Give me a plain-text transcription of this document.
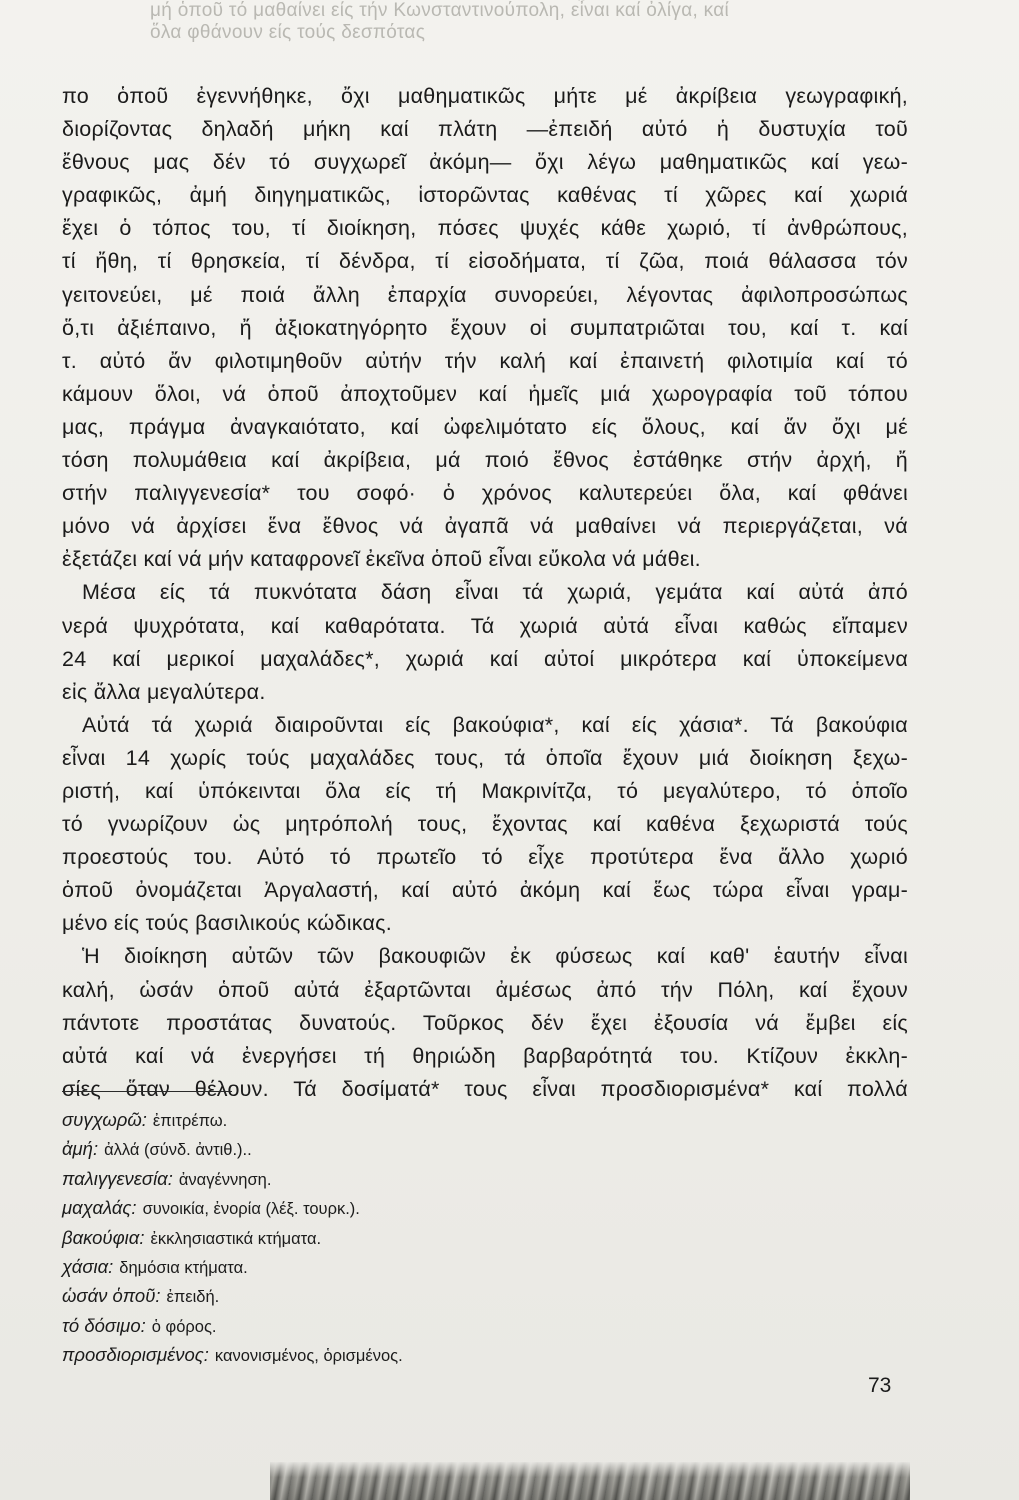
μή ὁποῦ τό μαθαίνει είς τήν Κωνσταντινούπολη, εἶναι καί ὀλίγα, καί
ὅλα φθάνουν είς τούς δεσπότας
πο ὁποῦ ἐγεννήθηκε, ὄχι μαθηματικῶς μήτε μέ ἀκρίβεια γεωγραφική,
διορίζοντας δηλαδή μήκη καί πλάτη —ἐπειδή αὐτό ἡ δυστυχία τοῦ
ἔθνους μας δέν τό συγχωρεῖ ἀκόμη— ὄχι λέγω μαθηματικῶς καί γεω-
γραφικῶς, ἀμή διηγηματικῶς, ἱστορῶντας καθένας τί χῶρες καί χωριά
ἔχει ὁ τόπος του, τί διοίκηση, πόσες ψυχές κάθε χωριό, τί ἀνθρώπους,
τί ἤθη, τί θρησκεία, τί δένδρα, τί εἰσοδήματα, τί ζῶα, ποιά θάλασσα τόν
γειτονεύει, μέ ποιά ἄλλη ἐπαρχία συνορεύει, λέγοντας ἀφιλοπροσώπως
ὅ,τι ἀξιέπαινο, ἤ ἀξιοκατηγόρητο ἔχουν οἱ συμπατριῶται του, καί τ. καί
τ. αὐτό ἄν φιλοτιμηθοῦν αὐτήν τήν καλή καί ἐπαινετή φιλοτιμία καί τό
κάμουν ὅλοι, νά ὁποῦ ἀποχτοῦμεν καί ἡμεῖς μιά χωρογραφία τοῦ τόπου
μας, πράγμα ἀναγκαιότατο, καί ὠφελιμότατο είς ὅλους, καί ἄν ὄχι μέ
τόση πολυμάθεια καί ἀκρίβεια, μά ποιό ἔθνος ἐστάθηκε στήν ἀρχή, ἤ
στήν παλιγγενεσία* του σοφό· ὁ χρόνος καλυτερεύει ὅλα, καί φθάνει
μόνο νά ἀρχίσει ἕνα ἔθνος νά ἀγαπᾶ νά μαθαίνει νά περιεργάζεται, νά
ἐξετάζει καί νά μήν καταφρονεῖ ἐκεῖνα ὁποῦ εἶναι εὔκολα νά μάθει.
Μέσα είς τά πυκνότατα δάση εἶναι τά χωριά, γεμάτα καί αὐτά ἀπό
νερά ψυχρότατα, καί καθαρότατα. Τά χωριά αὐτά εἶναι καθώς εἴπαμεν
24 καί μερικοί μαχαλάδες*, χωριά καί αὐτοί μικρότερα καί ὑποκείμενα
εἰς ἄλλα μεγαλύτερα.
Αὐτά τά χωριά διαιροῦνται είς βακούφια*, καί είς χάσια*. Τά βακούφια
εἶναι 14 χωρίς τούς μαχαλάδες τους, τά ὁποῖα ἔχουν μιά διοίκηση ξεχω-
ριστή, καί ὑπόκεινται ὅλα είς τή Μακρινίτζα, τό μεγαλύτερο, τό ὁποῖο
τό γνωρίζουν ὡς μητρόπολή τους, ἔχοντας καί καθένα ξεχωριστά τούς
προεστούς του. Αὐτό τό πρωτεῖο τό εἶχε προτύτερα ἕνα ἄλλο χωριό
ὁποῦ ὀνομάζεται Ἀργαλαστή, καί αὐτό ἀκόμη καί ἕως τώρα εἶναι γραμ-
μένο είς τούς βασιλικούς κώδικας.
Ἡ διοίκηση αὐτῶν τῶν βακουφιῶν ἐκ φύσεως καί καθ' ἑαυτήν εἶναι
καλή, ὡσάν ὁποῦ αὐτά ἐξαρτῶνται ἀμέσως ἀπό τήν Πόλη, καί ἔχουν
πάντοτε προστάτας δυνατούς. Τοῦρκος δέν ἔχει ἐξουσία νά ἔμβει είς
αὐτά καί νά ἐνεργήσει τή θηριώδη βαρβαρότητά του. Κτίζουν ἐκκλη-
σίες ὅταν θέλουν. Τά δοσίματά* τους εἶναι προσδιορισμένα* καί πολλά
συγχωρῶ: ἐπιτρέπω.
ἀμή: ἀλλά (σύνδ. ἀντιθ.)..
παλιγγενεσία: ἀναγέννηση.
μαχαλάς: συνοικία, ἐνορία (λέξ. τουρκ.).
βακούφια: ἐκκλησιαστικά κτήματα.
χάσια: δημόσια κτήματα.
ὡσάν ὁποῦ: ἐπειδή.
τό δόσιμο: ὁ φόρος.
προσδιορισμένος: κανονισμένος, ὁρισμένος.
73
